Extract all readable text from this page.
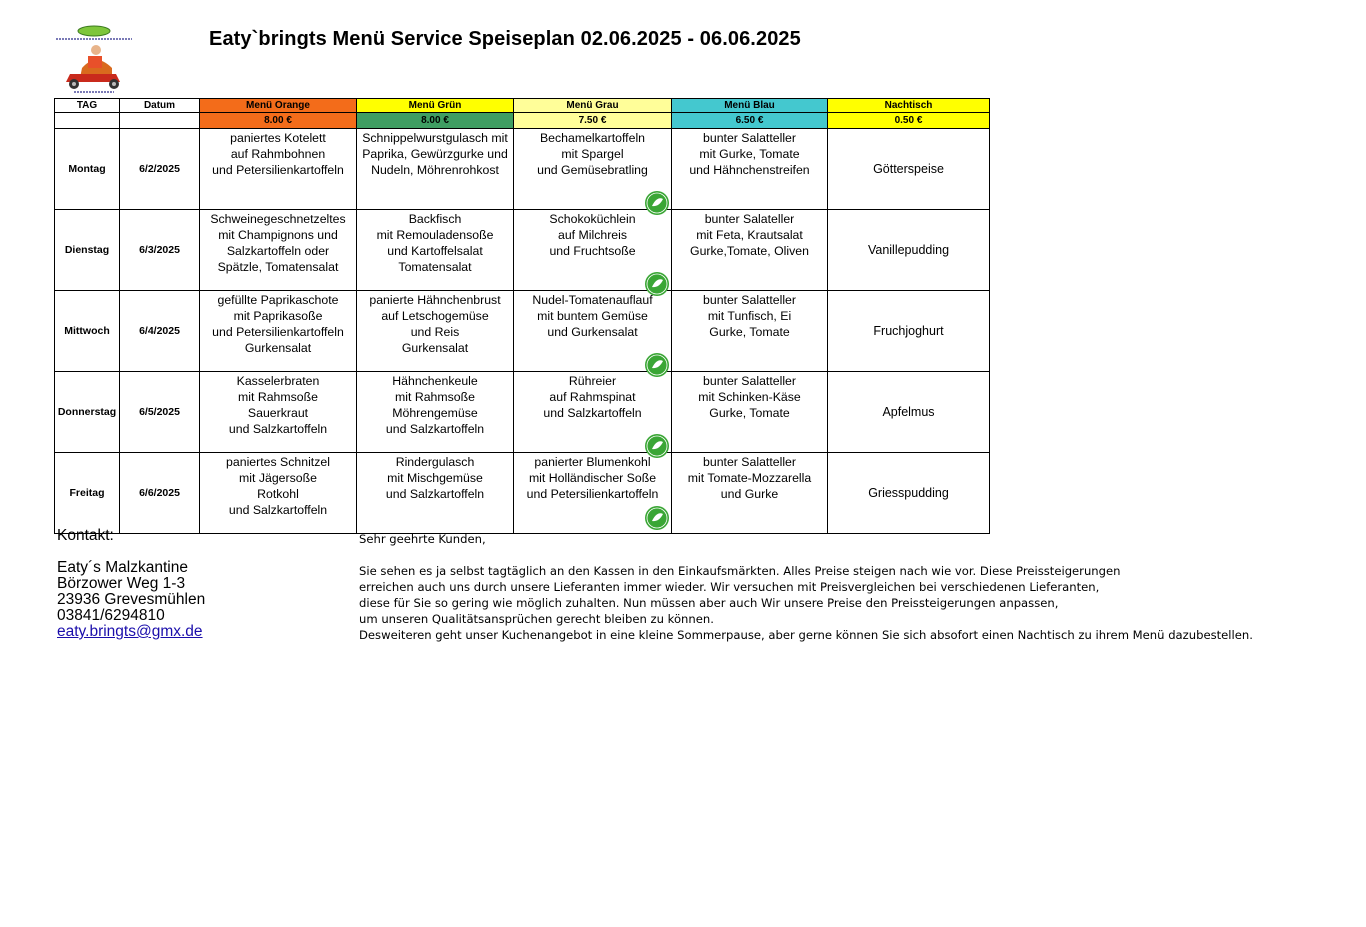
Eaty`bringts Menü Service Speiseplan 02.06.2025 - 06.06.2025
TAG	Datum	Menü Orange	Menü Grün	Menü Grau	Menü Blau	Nachtisch
		8.00 €	8.00 €	7.50 €	6.50 €	0.50 €
Montag	6/2/2025	paniertes Kotelett
auf Rahmbohnen
und Petersilienkartoffeln	Schnippelwurstgulasch mit
Paprika, Gewürzgurke und
Nudeln, Möhrenrohkost	Bechamelkartoffeln
mit Spargel
und Gemüsebratling	bunter Salatteller
mit Gurke, Tomate
und Hähnchenstreifen	Götterspeise
Dienstag	6/3/2025	Schweinegeschnetzeltes
mit Champignons und
Salzkartoffeln oder
Spätzle, Tomatensalat	Backfisch
mit Remouladensoße
und Kartoffelsalat
Tomatensalat	Schokoküchlein
auf Milchreis
und Fruchtsoße	bunter Salateller
mit Feta, Krautsalat
Gurke,Tomate, Oliven	Vanillepudding
Mittwoch	6/4/2025	gefüllte Paprikaschote
mit Paprikasoße
und Petersilienkartoffeln
Gurkensalat	panierte Hähnchenbrust
auf Letschogemüse
und Reis
Gurkensalat	Nudel-Tomatenauflauf
mit buntem Gemüse
und Gurkensalat	bunter Salatteller
mit Tunfisch, Ei
Gurke, Tomate	Fruchjoghurt
Donnerstag	6/5/2025	Kasselerbraten
mit Rahmsoße
Sauerkraut
und Salzkartoffeln	Hähnchenkeule
mit Rahmsoße
Möhrengemüse
und Salzkartoffeln	Rühreier
auf Rahmspinat
und Salzkartoffeln	bunter Salatteller
mit Schinken-Käse
Gurke, Tomate	Apfelmus
Freitag	6/6/2025	paniertes Schnitzel
mit Jägersoße
Rotkohl
und Salzkartoffeln	Rindergulasch
mit Mischgemüse
und Salzkartoffeln	panierter Blumenkohl
mit Holländischer Soße
und Petersilienkartoffeln	bunter Salatteller
mit Tomate-Mozzarella
und Gurke	Griesspudding
Kontakt:
Eaty´s Malzkantine
Börzower Weg 1-3
23936 Grevesmühlen
03841/6294810
eaty.bringts@gmx.de
Sehr geehrte Kunden,
Sie sehen es ja selbst tagtäglich an den Kassen in den Einkaufsmärkten. Alles Preise steigen nach wie vor. Diese Preissteigerungen
erreichen auch uns durch unsere Lieferanten immer wieder. Wir versuchen mit Preisvergleichen bei verschiedenen Lieferanten,
diese für Sie so gering wie möglich zuhalten. Nun müssen aber auch Wir unsere Preise den Preissteigerungen anpassen,
um unseren Qualitätsansprüchen gerecht bleiben zu können.
Desweiteren geht unser Kuchenangebot in eine kleine Sommerpause, aber gerne können Sie sich absofort einen Nachtisch zu ihrem Menü dazubestellen.
